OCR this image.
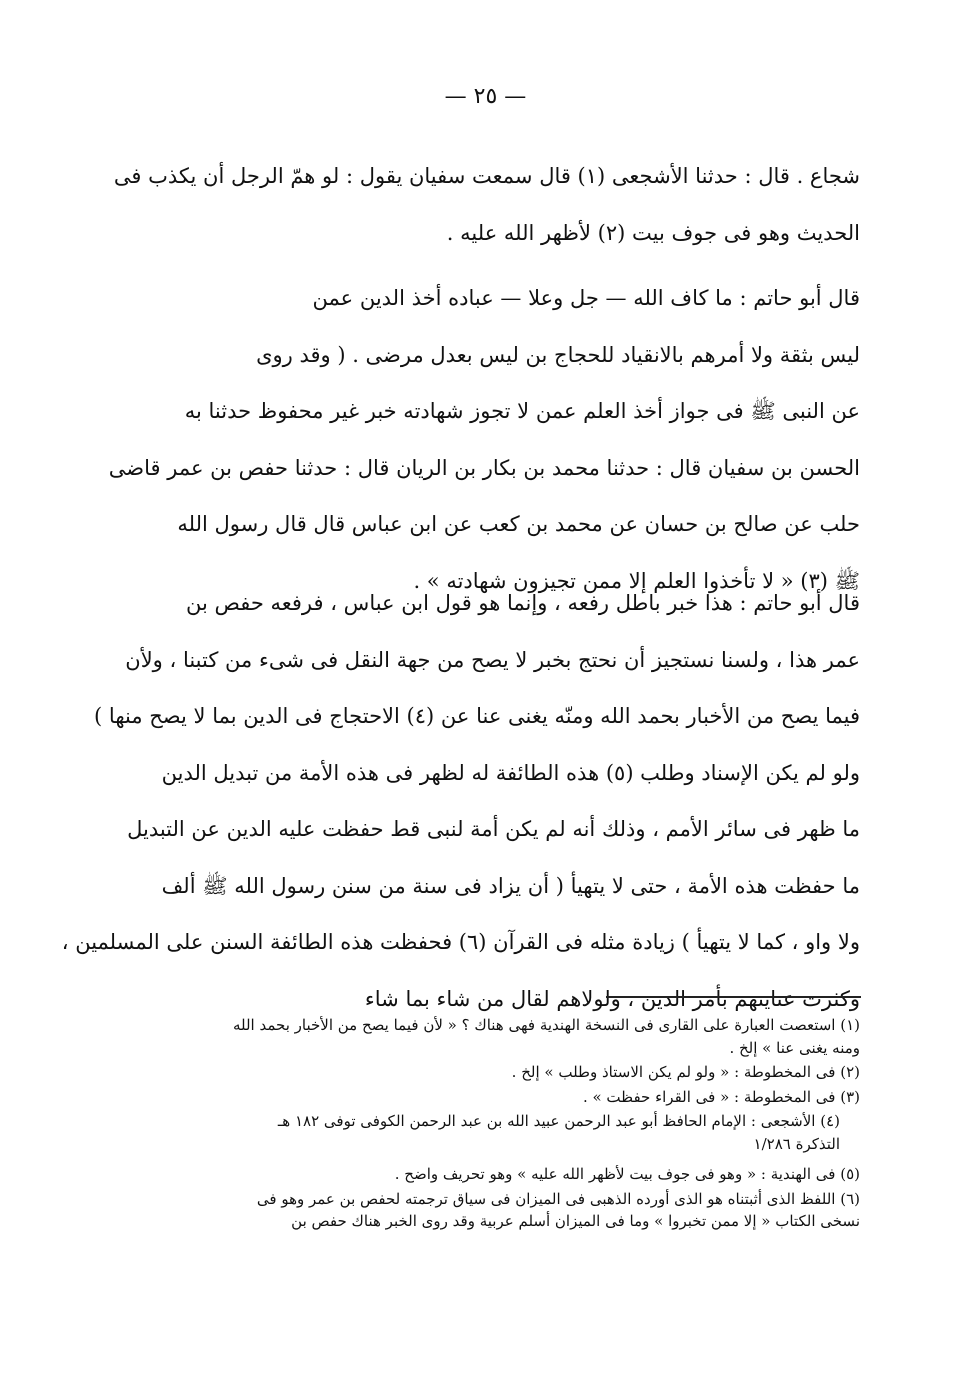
— ٢٥ —
شجاع . قال : حدثنا الأشجعى (١) قال سمعت سفيان يقول : لو همّ الرجل أن يكذب فى
الحديث وهو فى جوف بيت (٢) لأظهر الله عليه .
قال أبو حاتم : ما كاف الله — جل وعلا — عباده أخذ الدين عمن
ليس بثقة ولا أمرهم بالانقياد للحجاج بن ليس بعدل مرضى . ( وقد روى
عن النبى ﷺ فى جواز أخذ العلم عمن لا تجوز شهادته خبر غير محفوظ حدثنا به
الحسن بن سفيان قال : حدثنا محمد بن بكار بن الريان قال : حدثنا حفص بن عمر قاضى
حلب عن صالح بن حسان عن محمد بن كعب عن ابن عباس قال قال رسول الله
ﷺ (٣) « لا تأخذوا العلم إلا ممن تجيزون شهادته » .
قال أبو حاتم : هذا خبر باطل رفعه ، وإنما هو قول ابن عباس ، فرفعه حفص بن
عمر هذا ، ولسنا نستجيز أن نحتج بخبر لا يصح من جهة النقل فى شىء من كتبنا ، ولأن
فيما يصح من الأخبار بحمد الله ومنّه يغنى عنا عن (٤) الاحتجاج فى الدين بما لا يصح منها )
ولو لم يكن الإسناد وطلب (٥) هذه الطائفة له لظهر فى هذه الأمة من تبديل الدين
ما ظهر فى سائر الأمم ، وذلك أنه لم يكن أمة لنبى قط حفظت عليه الدين عن التبديل
ما حفظت هذه الأمة ، حتى لا يتهيأ ( أن يزاد فى سنة من سنن رسول الله ﷺ ألف
ولا واو ، كما لا يتهيأ ) زيادة مثله فى القرآن (٦) فحفظت هذه الطائفة السنن على المسلمين ،
وكثرت عنايتهم بأمر الدين ، ولولاهم لقال من شاء بما شاء
(١) استعصت العبارة على القارى فى النسخة الهندية فهى هناك ؟ « لأن فيما يصح من الأخبار بحمد الله
ومنه يغنى عنا » إلخ .
(٢) فى المخطوطة : « ولو لم يكن الاستاذ وطلب » إلخ .
(٣) فى المخطوطة : « فى القراء حفظت » .
(٤) الأشجعى : الإمام الحافظ أبو عبد الرحمن عبيد الله بن عبد الرحمن الكوفى توفى ١٨٢ هـ
التذكرة ١/٢٨٦
(٥) فى الهندية : « وهو فى جوف بيت لأظهر الله عليه » وهو تحريف واضح .
(٦) اللفظ الذى أثبتناه هو الذى أورده الذهبى فى الميزان فى سياق ترجمته لحفص بن عمر وهو فى
نسخى الكتاب « إلا ممن تخبروا » وما فى الميزان أسلم عربية وقد روى الخبر هناك حفص بن
